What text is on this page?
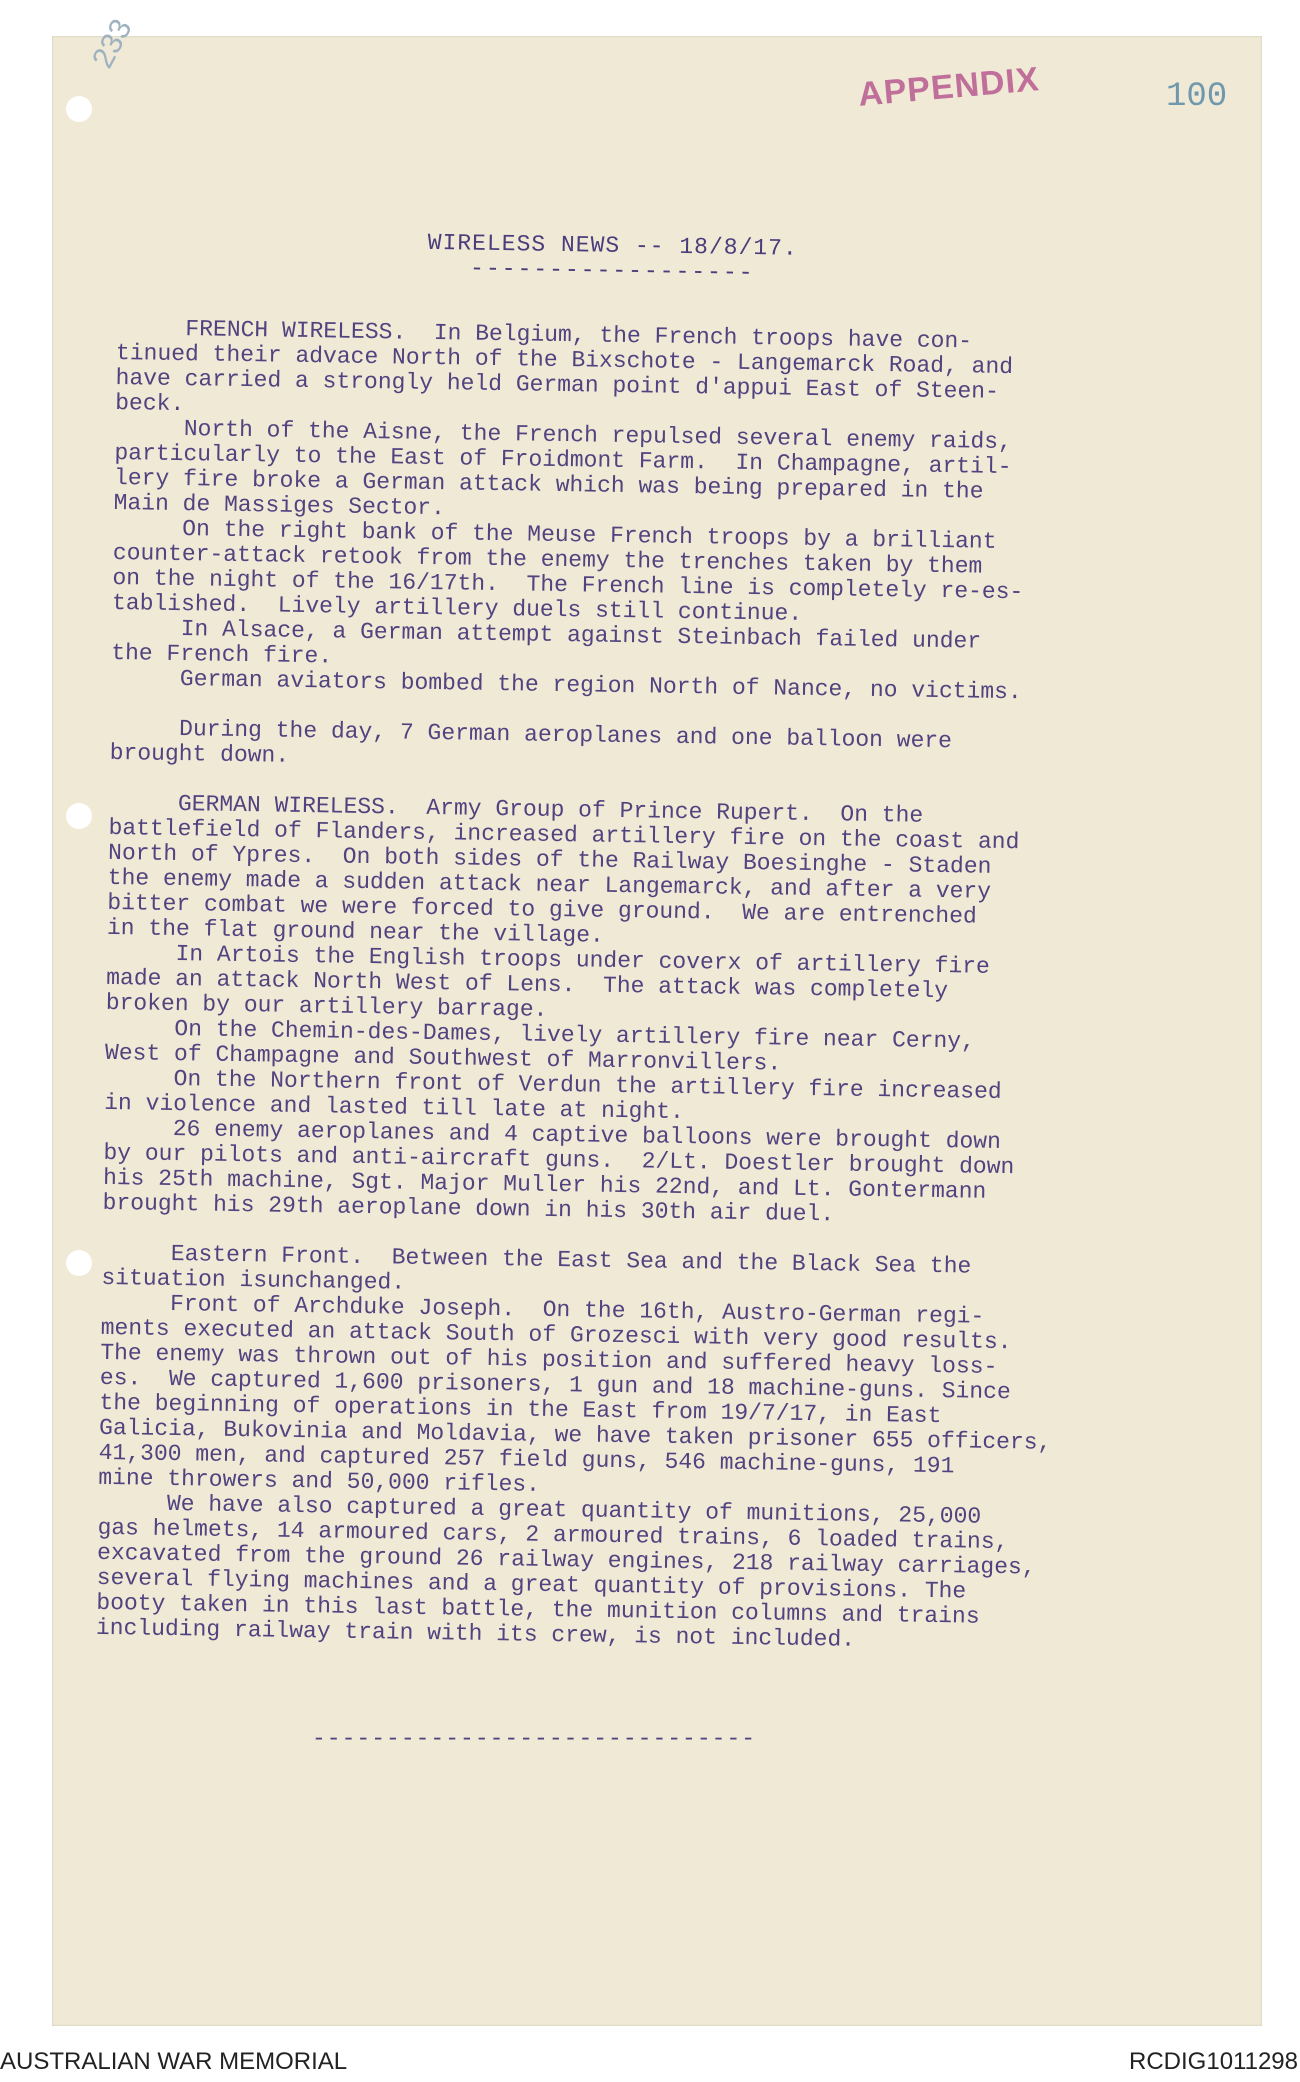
233
APPENDIX	100
WIRELESS NEWS -- 18/8/17.
------------------
FRENCH WIRELESS.  In Belgium, the French troops have con-
tinued their advace North of the Bixschote - Langemarck Road, and
have carried a strongly held German point d'appui East of Steen-
beck.
North of the Aisne, the French repulsed several enemy raids,
particularly to the East of Froidmont Farm.  In Champagne, artil-
lery fire broke a German attack which was being prepared in the
Main de Massiges Sector.
On the right bank of the Meuse French troops by a brilliant
counter-attack retook from the enemy the trenches taken by them
on the night of the 16/17th.  The French line is completely re-es-
tablished.  Lively artillery duels still continue.
In Alsace, a German attempt against Steinbach failed under
the French fire.
German aviators bombed the region North of Nance, no victims.

During the day, 7 German aeroplanes and one balloon were
brought down.

GERMAN WIRELESS.  Army Group of Prince Rupert.  On the
battlefield of Flanders, increased artillery fire on the coast and
North of Ypres.  On both sides of the Railway Boesinghe - Staden
the enemy made a sudden attack near Langemarck, and after a very
bitter combat we were forced to give ground.  We are entrenched
in the flat ground near the village.
In Artois the English troops under coverx of artillery fire
made an attack North West of Lens.  The attack was completely
broken by our artillery barrage.
On the Chemin-des-Dames, lively artillery fire near Cerny,
West of Champagne and Southwest of Marronvillers.
On the Northern front of Verdun the artillery fire increased
in violence and lasted till late at night.
26 enemy aeroplanes and 4 captive balloons were brought down
by our pilots and anti-aircraft guns.  2/Lt. Doestler brought down
his 25th machine, Sgt. Major Muller his 22nd, and Lt. Gontermann
brought his 29th aeroplane down in his 30th air duel.

Eastern Front.  Between the East Sea and the Black Sea the
situation isunchanged.
Front of Archduke Joseph.  On the 16th, Austro-German regi-
ments executed an attack South of Grozesci with very good results.
The enemy was thrown out of his position and suffered heavy loss-
es.  We captured 1,600 prisoners, 1 gun and 18 machine-guns. Since
the beginning of operations in the East from 19/7/17, in East
Galicia, Bukovinia and Moldavia, we have taken prisoner 655 officers,
41,300 men, and captured 257 field guns, 546 machine-guns, 191
mine throwers and 50,000 rifles.
We have also captured a great quantity of munitions, 25,000
gas helmets, 14 armoured cars, 2 armoured trains, 6 loaded trains,
excavated from the ground 26 railway engines, 218 railway carriages,
several flying machines and a great quantity of provisions. The
booty taken in this last battle, the munition columns and trains
including railway train with its crew, is not included.
------------------------------
AUSTRALIAN WAR MEMORIAL	RCDIG1011298
